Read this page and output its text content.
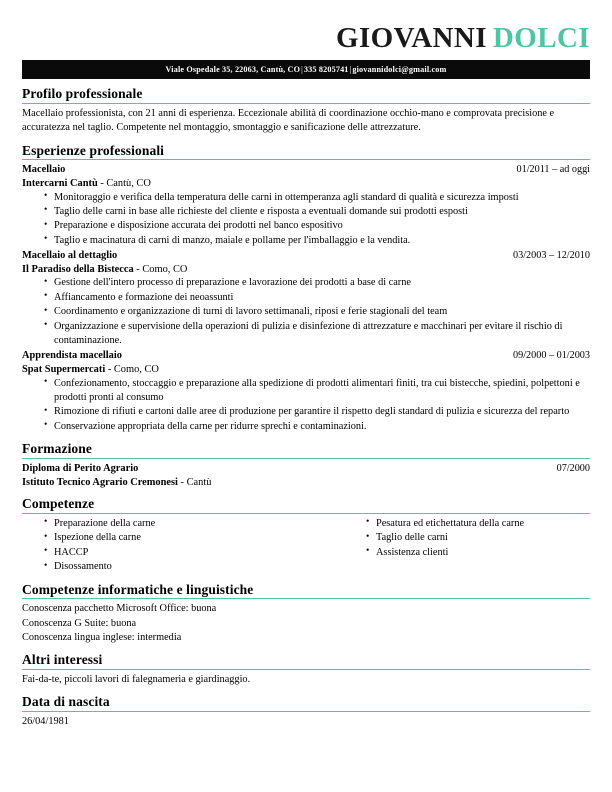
GIOVANNI DOLCI
Viale Ospedale 35, 22063, Cantù, CO|335 8205741|giovannidolci@gmail.com
Profilo professionale
Macellaio professionista, con 21 anni di esperienza. Eccezionale abilità di coordinazione occhio-mano e comprovata precisione e accuratezza nel taglio. Competente nel montaggio, smontaggio e sanificazione delle attrezzature.
Esperienze professionali
Macellaio	01/2011 – ad oggi
Intercarni Cantù - Cantù, CO
• Monitoraggio e verifica della temperatura delle carni in ottemperanza agli standard di qualità e sicurezza imposti
• Taglio delle carni in base alle richieste del cliente e risposta a eventuali domande sui prodotti esposti
• Preparazione e disposizione accurata dei prodotti nel banco espositivo
• Taglio e macinatura di carni di manzo, maiale e pollame per l'imballaggio e la vendita.
Macellaio al dettaglio	03/2003 – 12/2010
Il Paradiso della Bistecca - Como, CO
• Gestione dell'intero processo di preparazione e lavorazione dei prodotti a base di carne
• Affiancamento e formazione dei neoassunti
• Coordinamento e organizzazione di turni di lavoro settimanali, riposi e ferie stagionali del team
• Organizzazione e supervisione della operazioni di pulizia e disinfezione di attrezzature e macchinari per evitare il rischio di contaminazione.
Apprendista macellaio	09/2000 – 01/2003
Spat Supermercati - Como, CO
• Confezionamento, stoccaggio e preparazione alla spedizione di prodotti alimentari finiti, tra cui bistecche, spiedini, polpettoni e prodotti pronti al consumo
• Rimozione di rifiuti e cartoni dalle aree di produzione per garantire il rispetto degli standard di pulizia e sicurezza del reparto
• Conservazione appropriata della carne per ridurre sprechi e contaminazioni.
Formazione
Diploma di Perito Agrario	07/2000
Istituto Tecnico Agrario Cremonesi - Cantù
Competenze
• Preparazione della carne
• Ispezione della carne
• HACCP
• Disossamento
• Pesatura ed etichettatura della carne
• Taglio delle carni
• Assistenza clienti
Competenze informatiche e linguistiche
Conoscenza pacchetto Microsoft Office: buona
Conoscenza G Suite: buona
Conoscenza lingua inglese: intermedia
Altri interessi
Fai-da-te, piccoli lavori di falegnameria e giardinaggio.
Data di nascita
26/04/1981
